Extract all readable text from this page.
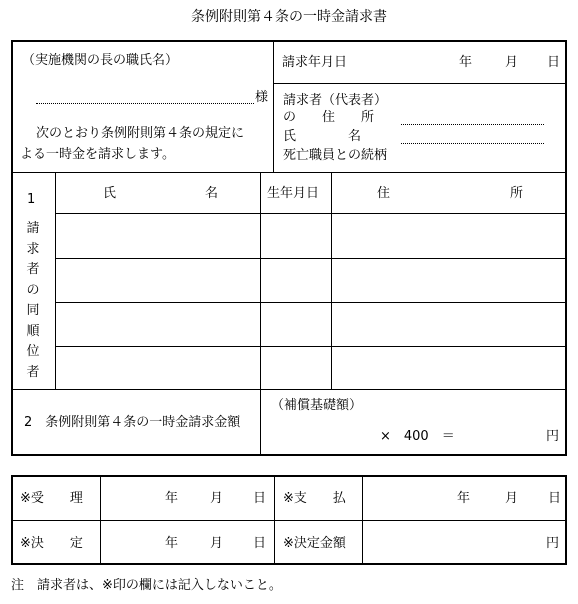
条例附則第４条の一時金請求書
（実施機関の長の職氏名）
様
次のとおり条例附則第４条の規定に
よる一時金を請求します。
請求年月日	年	月 日
請求者（代表者）
の　　住　　所
氏　　　　名
死亡職員との続柄
1
請
求
者
の
同
順
位
者
氏	名	生年月日	住	所
2　条例附則第４条の一時金請求金額
（補償基礎額）
×　400　＝	円
※受　　理	年 月 日 ※支　　払	年	月 日
※決　　定	年 月 日 ※決定金額	円
注　請求者は、※印の欄には記入しないこと。
